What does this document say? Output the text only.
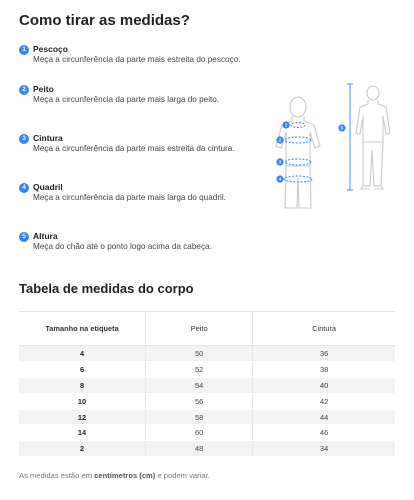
Como tirar as medidas?
1 Pescoço
Meça a circunferência da parte mais estreita do pescoço.
2 Peito
Meça a circunferência da parte mais larga do peito.
3 Cintura
Meça a circunferência da parte mais estreita da cintura.
4 Quadril
Meça a circunferência da parte mais larga do quadril.
5 Altura
Meça do chão até o ponto logo acima da cabeça.
1
2
3
4
5
Tabela de medidas do corpo
Tamanho na etiqueta	Peito	Cintura
4	50	36
6	52	38
8	54	40
10	56	42
12	58	44
14	60	46
2	48	34
As medidas estão em centímetros (cm) e podem variar.
